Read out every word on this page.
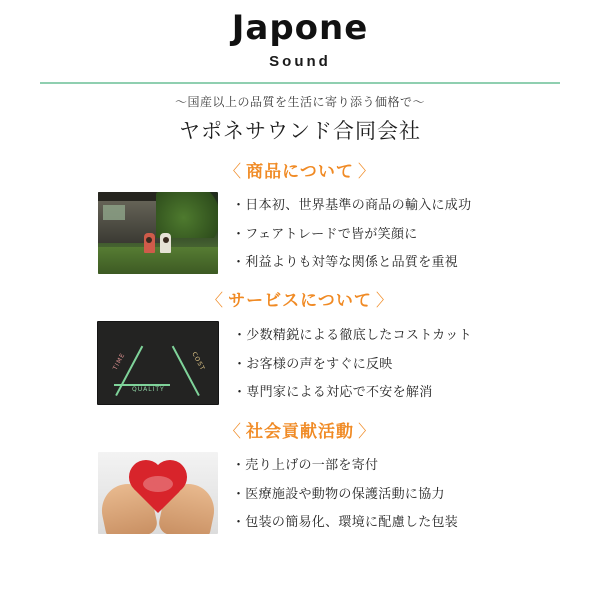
Japone
Sound
〜国産以上の品質を生活に寄り添う価格で〜
ヤポネサウンド合同会社
〈 商品について 〉
・日本初、世界基準の商品の輸入に成功
・フェアトレードで皆が笑顔に
・利益よりも対等な関係と品質を重視
〈 サービスについて 〉
TIME	COST
QUALITY
・少数精鋭による徹底したコストカット
・お客様の声をすぐに反映
・専門家による対応で不安を解消
〈 社会貢献活動 〉
・売り上げの一部を寄付
・医療施設や動物の保護活動に協力
・包装の簡易化、環境に配慮した包装
